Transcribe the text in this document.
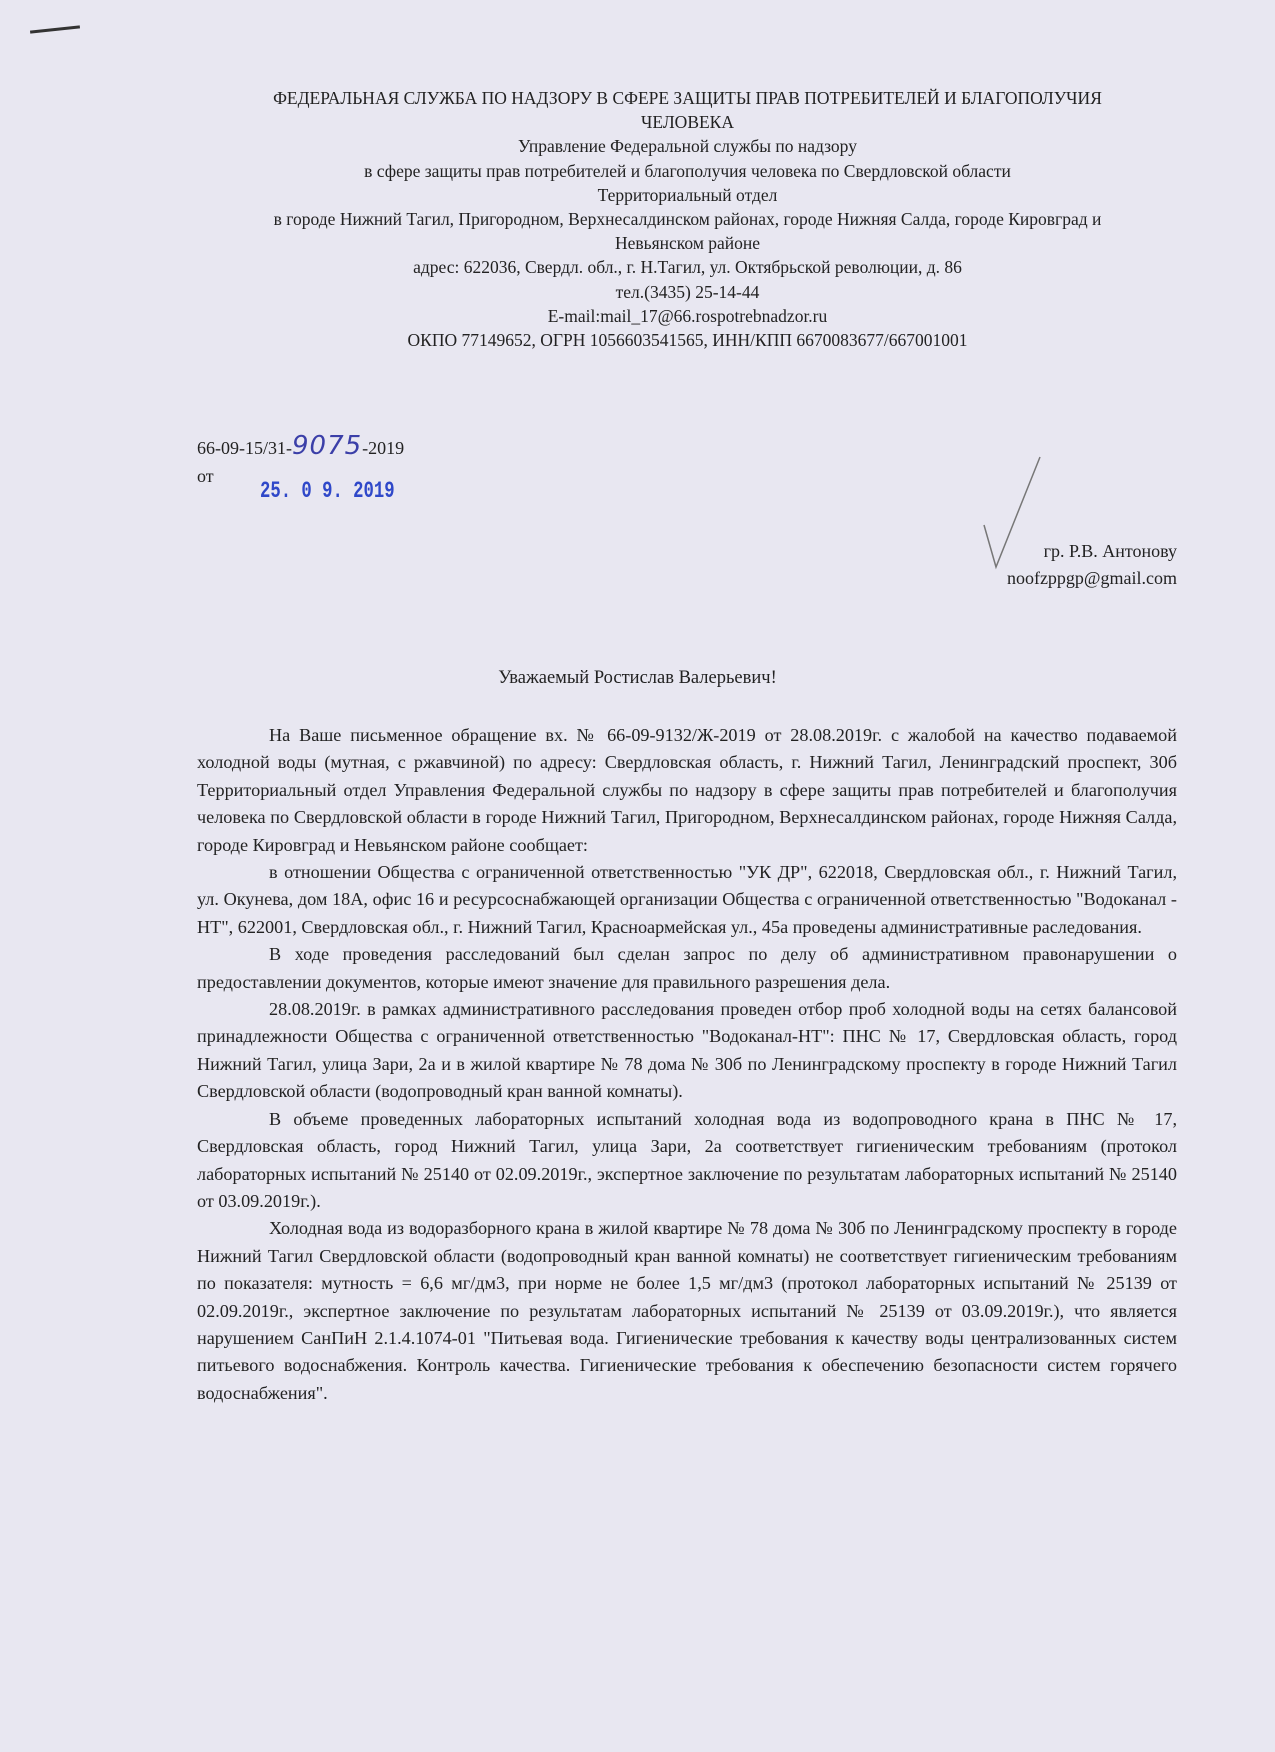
ФЕДЕРАЛЬНАЯ СЛУЖБА ПО НАДЗОРУ В СФЕРЕ ЗАЩИТЫ ПРАВ ПОТРЕБИТЕЛЕЙ И БЛАГОПОЛУЧИЯ
ЧЕЛОВЕКА
Управление Федеральной службы по надзору
в сфере защиты прав потребителей и благополучия человека по Свердловской области
Территориальный отдел
в городе Нижний Тагил, Пригородном, Верхнесалдинском районах, городе Нижняя Салда, городе Кировград и
Невьянском районе
адрес: 622036, Свердл. обл., г. Н.Тагил, ул. Октябрьской революции, д. 86
тел.(3435) 25-14-44
E-mail:mail_17@66.rospotrebnadzor.ru
ОКПО 77149652, ОГРН 1056603541565, ИНН/КПП 6670083677/667001001
66-09-15/31-9075-2019
от
25. 0 9. 2019
гр. Р.В. Антонову
noofzppgp@gmail.com
Уважаемый Ростислав Валерьевич!

На Ваше письменное обращение вх. № 66-09-9132/Ж-2019 от 28.08.2019г. с жалобой на качество подаваемой холодной воды (мутная, с ржавчиной) по адресу: Свердловская область, г. Нижний Тагил, Ленинградский проспект, 30б Территориальный отдел Управления Федеральной службы по надзору в сфере защиты прав потребителей и благополучия человека по Свердловской области в городе Нижний Тагил, Пригородном, Верхнесалдинском районах, городе Нижняя Салда, городе Кировград и Невьянском районе сообщает:

в отношении Общества с ограниченной ответственностью "УК ДР", 622018, Свердловская обл., г. Нижний Тагил, ул. Окунева, дом 18А, офис 16 и ресурсоснабжающей организации Общества с ограниченной ответственностью "Водоканал - НТ", 622001, Свердловская обл., г. Нижний Тагил, Красноармейская ул., 45а проведены административные раследования.

В ходе проведения расследований был сделан запрос по делу об административном правонарушении о предоставлении документов, которые имеют значение для правильного разрешения дела.

28.08.2019г. в рамках административного расследования проведен отбор проб холодной воды на сетях балансовой принадлежности Общества с ограниченной ответственностью "Водоканал-НТ": ПНС № 17, Свердловская область, город Нижний Тагил, улица Зари, 2а и в жилой квартире № 78 дома № 30б по Ленинградскому проспекту в городе Нижний Тагил Свердловской области (водопроводный кран ванной комнаты).

В объеме проведенных лабораторных испытаний холодная вода из водопроводного крана в ПНС № 17, Свердловская область, город Нижний Тагил, улица Зари, 2а соответствует гигиеническим требованиям (протокол лабораторных испытаний № 25140 от 02.09.2019г., экспертное заключение по результатам лабораторных испытаний № 25140 от 03.09.2019г.).

Холодная вода из водоразборного крана в жилой квартире № 78 дома № 30б по Ленинградскому проспекту в городе Нижний Тагил Свердловской области (водопроводный кран ванной комнаты) не соответствует гигиеническим требованиям по показателя: мутность = 6,6 мг/дм3, при норме не более 1,5 мг/дм3 (протокол лабораторных испытаний № 25139 от 02.09.2019г., экспертное заключение по результатам лабораторных испытаний № 25139 от 03.09.2019г.), что является нарушением СанПиН 2.1.4.1074-01 "Питьевая вода. Гигиенические требования к качеству воды централизованных систем питьевого водоснабжения. Контроль качества. Гигиенические требования к обеспечению безопасности систем горячего водоснабжения".
